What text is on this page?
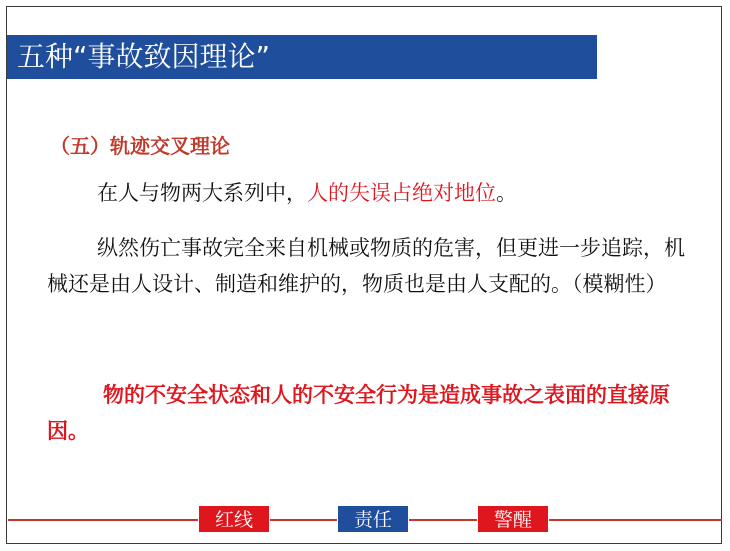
五种“事故致因理论”
（五）轨迹交叉理论
在人与物两大系列中，人的失误占绝对地位。
纵然伤亡事故完全来自机械或物质的危害，但更进一步追踪，机械还是由人设计、制造和维护的，物质也是由人支配的。（模糊性）
物的不安全状态和人的不安全行为是造成事故之表面的直接原因。
红线	责任	警醒
